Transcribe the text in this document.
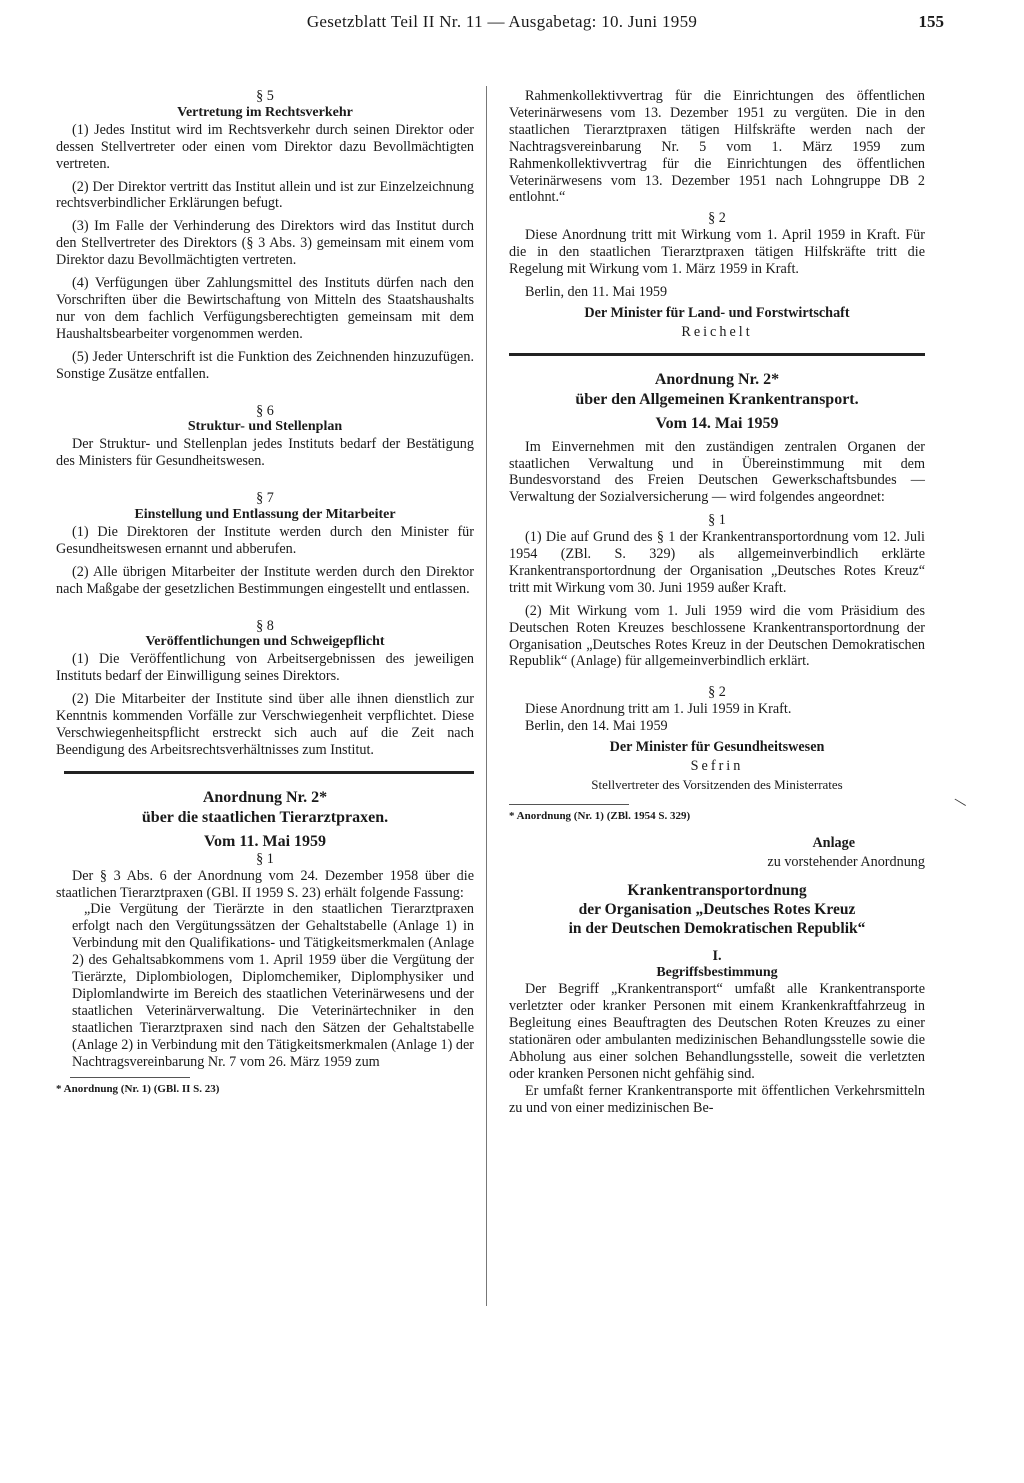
Gesetzblatt Teil II Nr. 11 — Ausgabetag: 10. Juni 1959	155
§ 5
Vertretung im Rechtsverkehr

(1) Jedes Institut wird im Rechtsverkehr durch seinen Direktor oder dessen Stellvertreter oder einen vom Direktor dazu Bevollmächtigten vertreten.

(2) Der Direktor vertritt das Institut allein und ist zur Einzelzeichnung rechtsverbindlicher Erklärungen befugt.

(3) Im Falle der Verhinderung des Direktors wird das Institut durch den Stellvertreter des Direktors (§ 3 Abs. 3) gemeinsam mit einem vom Direktor dazu Bevollmächtigten vertreten.

(4) Verfügungen über Zahlungsmittel des Instituts dürfen nach den Vorschriften über die Bewirtschaftung von Mitteln des Staatshaushalts nur von dem fachlich Verfügungsberechtigten gemeinsam mit dem Haushaltsbearbeiter vorgenommen werden.

(5) Jeder Unterschrift ist die Funktion des Zeichnenden hinzuzufügen. Sonstige Zusätze entfallen.

§ 6
Struktur- und Stellenplan

Der Struktur- und Stellenplan jedes Instituts bedarf der Bestätigung des Ministers für Gesundheitswesen.

§ 7
Einstellung und Entlassung der Mitarbeiter

(1) Die Direktoren der Institute werden durch den Minister für Gesundheitswesen ernannt und abberufen.

(2) Alle übrigen Mitarbeiter der Institute werden durch den Direktor nach Maßgabe der gesetzlichen Bestimmungen eingestellt und entlassen.

§ 8
Veröffentlichungen und Schweigepflicht

(1) Die Veröffentlichung von Arbeitsergebnissen des jeweiligen Instituts bedarf der Einwilligung seines Direktors.

(2) Die Mitarbeiter der Institute sind über alle ihnen dienstlich zur Kenntnis kommenden Vorfälle zur Verschwiegenheit verpflichtet. Diese Verschwiegenheitspflicht erstreckt sich auch auf die Zeit nach Beendigung des Arbeitsrechtsverhältnisses zum Institut.

Anordnung Nr. 2*
über die staatlichen Tierarztpraxen.
Vom 11. Mai 1959
§ 1

Der § 3 Abs. 6 der Anordnung vom 24. Dezember 1958 über die staatlichen Tierarztpraxen (GBl. II 1959 S. 23) erhält folgende Fassung:

„Die Vergütung der Tierärzte in den staatlichen Tierarztpraxen erfolgt nach den Vergütungssätzen der Gehaltstabelle (Anlage 1) in Verbindung mit den Qualifikations- und Tätigkeitsmerkmalen (Anlage 2) des Gehaltsabkommens vom 1. April 1959 über die Vergütung der Tierärzte, Diplombiologen, Diplomchemiker, Diplomphysiker und Diplomlandwirte im Bereich des staatlichen Veterinärwesens und der staatlichen Veterinärverwaltung. Die Veterinärtechniker in den staatlichen Tierarztpraxen sind nach den Sätzen der Gehaltstabelle (Anlage 2) in Verbindung mit den Tätigkeitsmerkmalen (Anlage 1) der Nachtragsvereinbarung Nr. 7 vom 26. März 1959 zum

* Anordnung (Nr. 1) (GBl. II S. 23)

Rahmenkollektivvertrag für die Einrichtungen des öffentlichen Veterinärwesens vom 13. Dezember 1951 zu vergüten. Die in den staatlichen Tierarztpraxen tätigen Hilfskräfte werden nach der Nachtragsvereinbarung Nr. 5 vom 1. März 1959 zum Rahmenkollektivvertrag für die Einrichtungen des öffentlichen Veterinärwesens vom 13. Dezember 1951 nach Lohngruppe DB 2 entlohnt.“

§ 2

Diese Anordnung tritt mit Wirkung vom 1. April 1959 in Kraft. Für die in den staatlichen Tierarztpraxen tätigen Hilfskräfte tritt die Regelung mit Wirkung vom 1. März 1959 in Kraft.

Berlin, den 11. Mai 1959

Der Minister für Land- und Forstwirtschaft
Reichelt
Anordnung Nr. 2*
über den Allgemeinen Krankentransport.
Vom 14. Mai 1959

Im Einvernehmen mit den zuständigen zentralen Organen der staatlichen Verwaltung und in Übereinstimmung mit dem Bundesvorstand des Freien Deutschen Gewerkschaftsbundes — Verwaltung der Sozialversicherung — wird folgendes angeordnet:

§ 1

(1) Die auf Grund des § 1 der Krankentransportordnung vom 12. Juli 1954 (ZBl. S. 329) als allgemeinverbindlich erklärte Krankentransportordnung der Organisation „Deutsches Rotes Kreuz“ tritt mit Wirkung vom 30. Juni 1959 außer Kraft.

(2) Mit Wirkung vom 1. Juli 1959 wird die vom Präsidium des Deutschen Roten Kreuzes beschlossene Krankentransportordnung der Organisation „Deutsches Rotes Kreuz in der Deutschen Demokratischen Republik“ (Anlage) für allgemeinverbindlich erklärt.

§ 2

Diese Anordnung tritt am 1. Juli 1959 in Kraft.

Berlin, den 14. Mai 1959

Der Minister für Gesundheitswesen
Sefrin
Stellvertreter des Vorsitzenden des Ministerrates
* Anordnung (Nr. 1) (ZBl. 1954 S. 329)
Anlage
zu vorstehender Anordnung
Krankentransportordnung
der Organisation „Deutsches Rotes Kreuz
in der Deutschen Demokratischen Republik“
I.
Begriffsbestimmung

Der Begriff „Krankentransport“ umfaßt alle Krankentransporte verletzter oder kranker Personen mit einem Krankenkraftfahrzeug in Begleitung eines Beauftragten des Deutschen Roten Kreuzes zu einer stationären oder ambulanten medizinischen Behandlungsstelle sowie die Abholung aus einer solchen Behandlungsstelle, soweit die verletzten oder kranken Personen nicht gehfähig sind.

Er umfaßt ferner Krankentransporte mit öffentlichen Verkehrsmitteln zu und von einer medizinischen Be-

\
